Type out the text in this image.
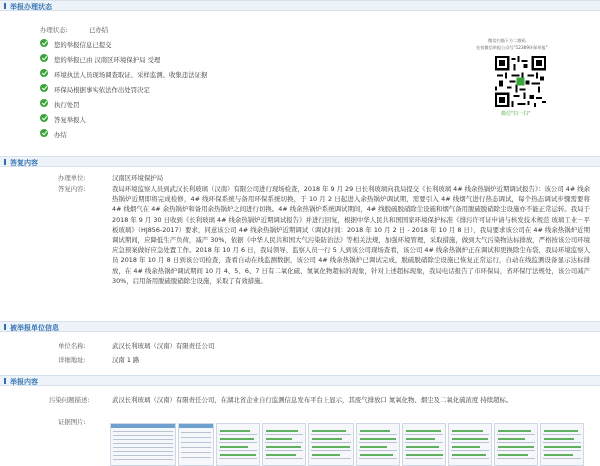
举报办理状态
办理状态:	已办结
您的举报信息已提交
您的举报已由 汉南区环境保护局 受理
环境执法人员现场调查取证、采样监测、收集违法证据
环保局根据事实依法作出处罚决定
执行处罚
答复举报人
办结
微信扫描下方二维码
先扶微信举报公众号"12369环保举报"
微信"扫一扫"
答复内容
办理单位:	汉南区环境保护局
答复内容:	我局环境监察人员到武汉长利玻璃（汉南）有限公司进行现场检查，2018 年 9 月 29 日长利玻璃向我局提交《长利玻璃 4# 线余热锅炉近期调试报告》：该公司 4# 线余热锅炉近期即将完成检修，4# 线环保系统与备用环保系统切换，于 10 月 2 日起进入余热锅炉调试期，需要引入 4# 线烟气进行热态调试，每个热态调试步骤需要将 4# 线烟气在 4# 余热锅炉和备用余热锅炉之间进行切换。4# 线余热锅炉系统调试期间，4# 线脱硫脱硝除尘设施和烟气备用脱硫脱硝除尘设施亦不能正常运转。我局于 2018 年 9 月 30 日收到《长利玻璃 4# 线余热锅炉近期调试报告》并进行回复，根据中华人民共和国国家环境保护标准《排污许可证申请与核发技术规范 玻璃工业－平板玻璃》（HJ856-2017）要求，同意该公司 4# 线余热锅炉近期调试（调试时间：2018 年 10 月 2 日 - 2018 年 10 月 8 日），我局要求该公司在 4# 线余热锅炉近期调试期间，应降低生产负荷，减产 30%，依据《中华人民共和国大气污染防治法》等相关法规，加强环境管理，采取措施，做到大气污染物达标排放，严格按该公司环境应急预案做好应急处置工作。2018 年 10 月 6 日，我局领导、监察人员一行 5 人到该公司现场查看，该公司 4# 线余热锅炉正在调试和更换除尘布袋，我局环境监察人员 2018 年 10 月 8 日到该公司检查，查看自动在线监测数据，该公司 4# 线余热锅炉已调试完成，脱硫脱硝除尘设施已恢复正常运行，自动在线监测设备显示达标排放，在 4# 线余热锅炉调试期间 10 月 4、5、6、7 日有二氧化硫、氮氧化物超标的现象，针对上述超标现象，我局电话报告了市环保局，省环保厅法规处，该公司减产 30%，启用备用脱硫脱硝除尘设施，采取了有效措施。
被举报单位信息
单位名称:	武汉长利玻璃（汉南）有限责任公司
详细地址:	汉南 1 路
举报内容
污染问题描述:	武汉长利玻璃（汉南）有限责任公司，在湖北省企业自行监测信息发布平台上显示，其废气排放口 氮氧化物、烟尘及二氧化硫浓度 持续超标。
证据图片:
